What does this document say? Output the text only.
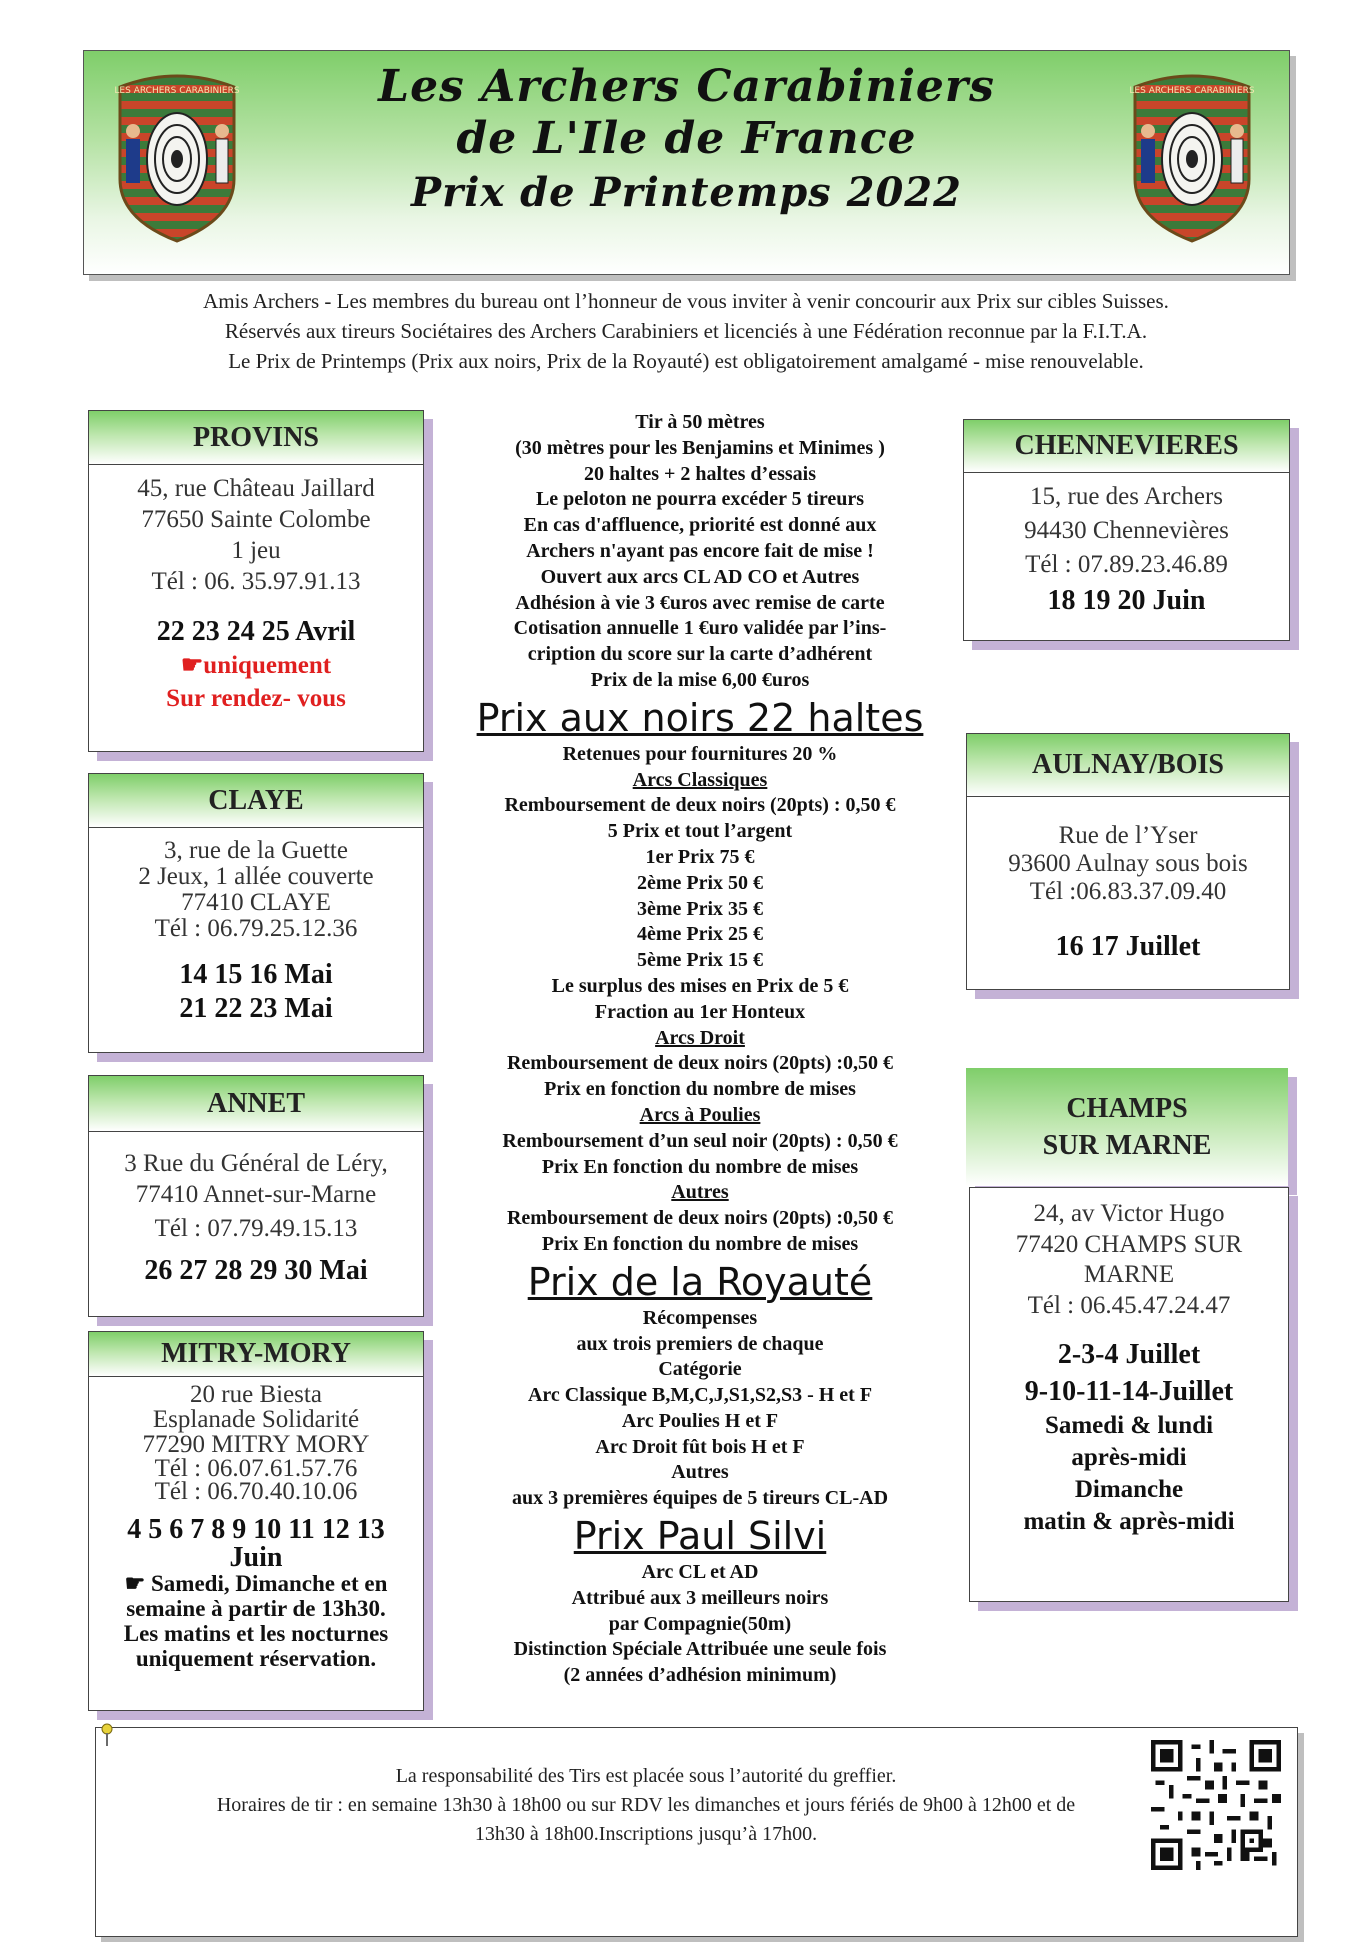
LES ARCHERS CARABINIERS	LES ARCHERS CARABINIERS
Les Archers Carabiniers
de L'Ile de France
Prix de Printemps 2022
Amis Archers - Les membres du bureau ont l’honneur de vous inviter à venir concourir aux Prix sur cibles Suisses.
Réservés aux tireurs Sociétaires des Archers Carabiniers et licenciés à une Fédération reconnue par la F.I.T.A.
Le Prix de Printemps (Prix aux noirs, Prix de la Royauté) est obligatoirement amalgamé - mise renouvelable.
PROVINS
45, rue Château Jaillard
77650 Sainte Colombe
1 jeu
Tél : 06. 35.97.91.13
22 23 24 25 Avril
☛uniquement
Sur rendez- vous
CLAYE
3, rue de la Guette
2 Jeux, 1 allée couverte
77410 CLAYE
Tél : 06.79.25.12.36
14 15 16 Mai
21 22 23 Mai
ANNET
3 Rue du Général de Léry,
77410 Annet-sur-Marne
Tél : 07.79.49.15.13
26 27 28 29 30 Mai
MITRY-MORY
20 rue Biesta
Esplanade Solidarité
77290 MITRY MORY
Tél : 06.07.61.57.76
Tél : 06.70.40.10.06
4 5 6 7 8 9 10 11 12 13
Juin
☛ Samedi, Dimanche et en
semaine à partir de 13h30.
Les matins et les nocturnes
uniquement réservation.
CHENNEVIERES
15, rue des Archers
94430 Chennevières
Tél : 07.89.23.46.89
18 19 20 Juin
AULNAY/BOIS
Rue de l’Yser
93600 Aulnay sous bois
Tél :06.83.37.09.40
16 17 Juillet
CHAMPS
SUR MARNE
24, av Victor Hugo
77420 CHAMPS SUR
MARNE
Tél : 06.45.47.24.47
2-3-4 Juillet
9-10-11-14-Juillet
Samedi & lundi
après-midi
Dimanche
matin & après-midi
Tir à 50 mètres
(30 mètres pour les Benjamins et Minimes )
20 haltes + 2 haltes d’essais
Le peloton ne pourra excéder 5 tireurs
En cas d'affluence, priorité est donné aux
Archers n'ayant pas encore fait de mise !
Ouvert aux arcs CL AD CO et Autres
Adhésion à vie 3 €uros avec remise de carte
Cotisation annuelle 1 €uro validée par l’ins-
cription du score sur la carte d’adhérent
Prix de la mise 6,00 €uros
Prix aux noirs 22 haltes
Retenues pour fournitures 20 %
Arcs Classiques
Remboursement de deux noirs (20pts) : 0,50 €
5 Prix et tout l’argent
1er Prix 75 €
2ème Prix 50 €
3ème Prix 35 €
4ème Prix 25 €
5ème Prix 15 €
Le surplus des mises en Prix de 5 €
Fraction au 1er Honteux
Arcs Droit
Remboursement de deux noirs (20pts) :0,50 €
Prix en fonction du nombre de mises
Arcs à Poulies
Remboursement d’un seul noir (20pts) : 0,50 €
Prix En fonction du nombre de mises
Autres
Remboursement de deux noirs (20pts) :0,50 €
Prix En fonction du nombre de mises
Prix de la Royauté
Récompenses
aux trois premiers de chaque
Catégorie
Arc Classique B,M,C,J,S1,S2,S3 - H et F
Arc Poulies H et F
Arc Droit fût bois H et F
Autres
aux 3 premières équipes de 5 tireurs CL-AD
Prix Paul Silvi
Arc CL et AD
Attribué aux 3 meilleurs noirs
par Compagnie(50m)
Distinction Spéciale Attribuée une seule fois
(2 années d’adhésion minimum)
La responsabilité des Tirs est placée sous l’autorité du greffier.
Horaires de tir : en semaine 13h30 à 18h00 ou sur RDV les dimanches et jours fériés de 9h00 à 12h00 et de
13h30 à 18h00.Inscriptions jusqu’à 17h00.
